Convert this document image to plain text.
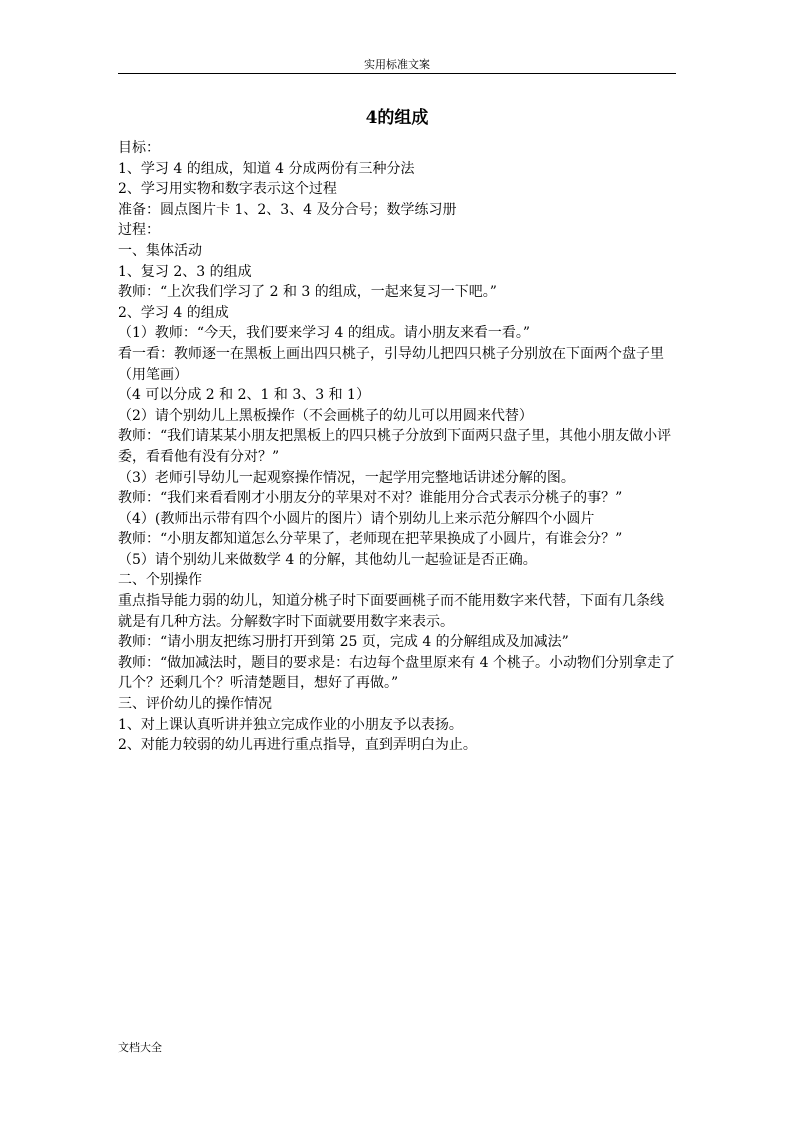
实用标准文案
4的组成

目标：

1、学习 4 的组成，知道 4 分成两份有三种分法

2、学习用实物和数字表示这个过程

准备：圆点图片卡 1、2、3、4 及分合号；数学练习册

过程：

一、集体活动

1、复习 2、3 的组成

教师：“上次我们学习了 2 和 3 的组成，一起来复习一下吧。”

2、学习 4 的组成

（1）教师：“今天，我们要来学习 4 的组成。请小朋友来看一看。”

看一看：教师逐一在黑板上画出四只桃子，引导幼儿把四只桃子分别放在下面两个盘子里（用笔画）

（4 可以分成 2 和 2、1 和 3、3 和 1）

（2）请个别幼儿上黑板操作（不会画桃子的幼儿可以用圆来代替）

教师：“我们请某某小朋友把黑板上的四只桃子分放到下面两只盘子里，其他小朋友做小评委，看看他有没有分对？”

（3）老师引导幼儿一起观察操作情况，一起学用完整地话讲述分解的图。

教师：“我们来看看刚才小朋友分的苹果对不对？谁能用分合式表示分桃子的事？”

（4）(教师出示带有四个小圆片的图片）请个别幼儿上来示范分解四个小圆片

教师：“小朋友都知道怎么分苹果了，老师现在把苹果换成了小圆片，有谁会分？”

（5）请个别幼儿来做数学 4 的分解，其他幼儿一起验证是否正确。

二、个别操作

重点指导能力弱的幼儿，知道分桃子时下面要画桃子而不能用数字来代替，下面有几条线就是有几种方法。分解数字时下面就要用数字来表示。

教师：“请小朋友把练习册打开到第 25 页，完成 4 的分解组成及加减法”

教师：“做加减法时，题目的要求是：右边每个盘里原来有 4 个桃子。小动物们分别拿走了几个？还剩几个？听清楚题目，想好了再做。”

三、评价幼儿的操作情况

1、对上课认真听讲并独立完成作业的小朋友予以表扬。

2、对能力较弱的幼儿再进行重点指导，直到弄明白为止。

文档大全
